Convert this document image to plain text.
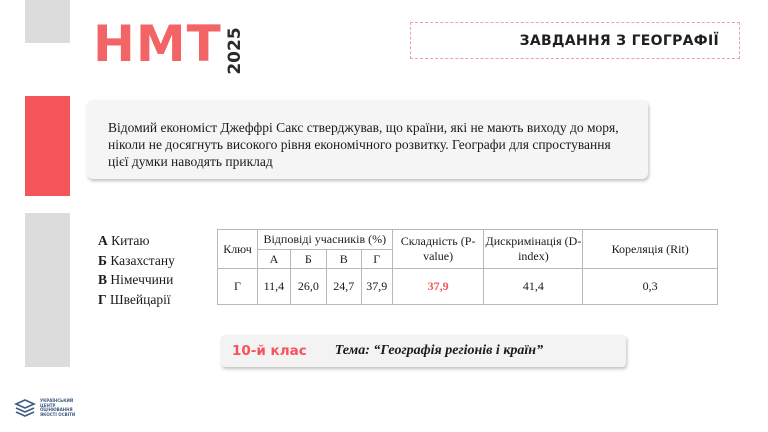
НМТ 2025	ЗАВДАННЯ З ГЕОГРАФІЇ
Відомий економіст Джеффрі Сакс стверджував, що країни, які не мають виходу до моря, ніколи не досягнуть високого рівня економічного розвитку. Географи для спростування цієї думки наводять приклад
А Китаю
Б Казахстану
В Німеччини
Г Швейцарії
Ключ	Відповіді учасників (%)				Складність (P-value)	Дискримінація (D-index)	Кореляція (Rit)
	А	Б	В	Г			
Г	11,4	26,0	24,7	37,9	37,9	41,4	0,3
10-й клас Тема: “Географія регіонів і країн”
УКРАЇНСЬКИЙ
ЦЕНТР
ОЦІНЮВАННЯ
ЯКОСТІ ОСВІТИ
